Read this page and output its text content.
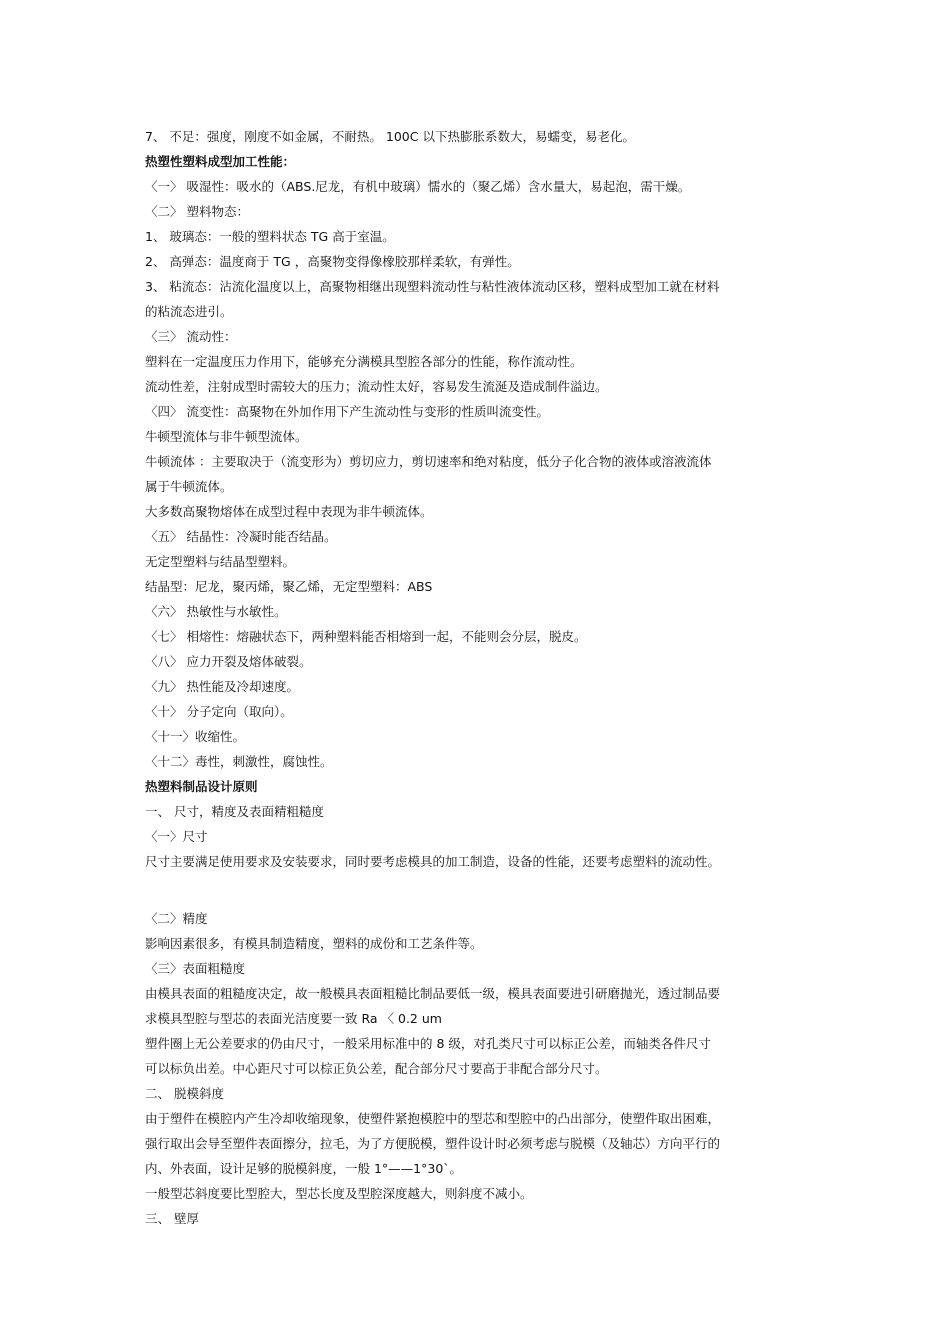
7、 不足：强度，刚度不如金属，不耐热。 100C 以下热膨胀系数大，易蠕变，易老化。
热塑性塑料成型加工性能：
〈一〉 吸湿性：吸水的（ABS.尼龙，有机中玻璃）懦水的（聚乙烯）含水量大，易起泡，需干燥。
〈二〉 塑料物态：
1、 玻璃态：一般的塑料状态 TG 高于室温。
2、 高弹态：温度商于 TG ，高聚物变得像橡胶那样柔软，有弹性。
3、 粘流态：沾流化温度以上，高聚物相继出现塑料流动性与粘性液体流动区移，塑料成型加工就在材料
的粘流态进引。
〈三〉 流动性：
塑料在一定温度压力作用下，能够充分满模具型腔各部分的性能，称作流动性。
流动性差，注射成型时需较大的压力；流动性太好，容易发生流涎及造成制件溢边。
〈四〉 流变性：高聚物在外加作用下产生流动性与变形的性质叫流变性。
牛顿型流体与非牛顿型流体。
牛顿流体 ：主要取决于（流变形为）剪切应力，剪切速率和绝对粘度，低分子化合物的液体或溶液流体
属于牛顿流体。
大多数高聚物熔体在成型过程中表现为非牛顿流体。
〈五〉 结晶性：冷凝时能否结晶。
无定型塑料与结晶型塑料。
结晶型：尼龙，聚丙烯，聚乙烯，无定型塑料：ABS
〈六〉 热敏性与水敏性。
〈七〉 相熔性：熔融状态下，两种塑料能否相熔到一起，不能则会分层，脱皮。
〈八〉 应力开裂及熔体破裂。
〈九〉 热性能及冷却速度。
〈十〉 分子定向（取向）。
〈十一〉收缩性。
〈十二〉毒性，刺激性，腐蚀性。
热塑料制品设计原则
一、 尺寸，精度及表面精粗糙度
〈一〉尺寸
尺寸主要满足使用要求及安装要求，同时要考虑模具的加工制造，设备的性能，还要考虑塑料的流动性。
〈二〉精度
影响因素很多，有模具制造精度，塑料的成份和工艺条件等。
〈三〉表面粗糙度
由模具表面的粗糙度决定，故一般模具表面粗糙比制品要低一级，模具表面要进引研磨抛光，透过制品要
求模具型腔与型芯的表面光洁度要一致 Ra 〈 0.2 um
塑件圈上无公差要求的仍由尺寸，一般采用标准中的 8 级，对孔类尺寸可以标正公差，而轴类各件尺寸
可以标负出差。中心距尺寸可以棕正负公差，配合部分尺寸要高于非配合部分尺寸。
二、 脱模斜度
由于塑件在模腔内产生冷却收缩现象，使塑件紧抱模腔中的型芯和型腔中的凸出部分，使塑件取出困难，
强行取出会导至塑件表面擦分，拉毛，为了方便脱模，塑件设计时必须考虑与脱模（及轴芯）方向平行的
内、外表面，设计足够的脱模斜度，一般 1°——1°30`。
一般型芯斜度要比型腔大，型芯长度及型腔深度越大，则斜度不减小。
三、 壁厚
